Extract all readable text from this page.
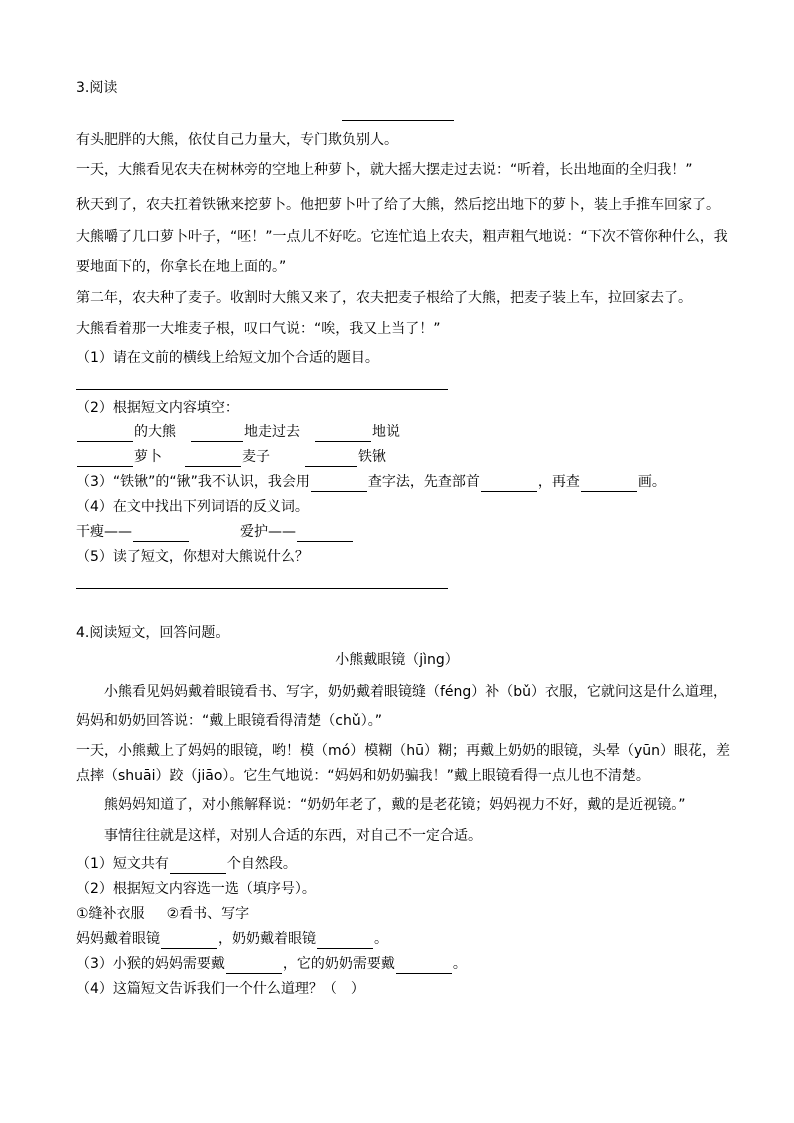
3.阅读
有头肥胖的大熊，依仗自己力量大，专门欺负别人。
一天，大熊看见农夫在树林旁的空地上种萝卜，就大摇大摆走过去说：“听着，长出地面的全归我！”
秋天到了，农夫扛着铁锹来挖萝卜。他把萝卜叶了给了大熊，然后挖出地下的萝卜，装上手推车回家了。
大熊嚼了几口萝卜叶子，“呸！”一点儿不好吃。它连忙追上农夫，粗声粗气地说：“下次不管你种什么，我
要地面下的，你拿长在地上面的。”
第二年，农夫种了麦子。收割时大熊又来了，农夫把麦子根给了大熊，把麦子装上车，拉回家去了。
大熊看着那一大堆麦子根，叹口气说：“唉，我又上当了！”
（1）请在文前的横线上给短文加个合适的题目。
（2）根据短文内容填空：
的大熊	地走过去	地说
萝卜	麦子	铁锹
（3）“铁锹”的“锹”我不认识，我会用	查字法，先查部首	，再查	画。
（4）在文中找出下列词语的反义词。
干瘦——	爱护——
（5）读了短文，你想对大熊说什么？
4.阅读短文，回答问题。
小熊戴眼镜（jìng）
小熊看见妈妈戴着眼镜看书、写字，奶奶戴着眼镜缝（féng）补（bǔ）衣服，它就问这是什么道理，
妈妈和奶奶回答说：“戴上眼镜看得清楚（chǔ）。”
一天，小熊戴上了妈妈的眼镜，哟！模（mó）模糊（hū）糊；再戴上奶奶的眼镜，头晕（yūn）眼花，差
点摔（shuāi）跤（jiāo）。它生气地说：“妈妈和奶奶骗我！”戴上眼镜看得一点儿也不清楚。
熊妈妈知道了，对小熊解释说：“奶奶年老了，戴的是老花镜；妈妈视力不好，戴的是近视镜。”
事情往往就是这样，对别人合适的东西，对自己不一定合适。
（1）短文共有	个自然段。
（2）根据短文内容选一选（填序号）。
①缝补衣服 ②看书、写字
妈妈戴着眼镜	，奶奶戴着眼镜	。
（3）小猴的妈妈需要戴	，它的奶奶需要戴	。
（4）这篇短文告诉我们一个什么道理？（　）
